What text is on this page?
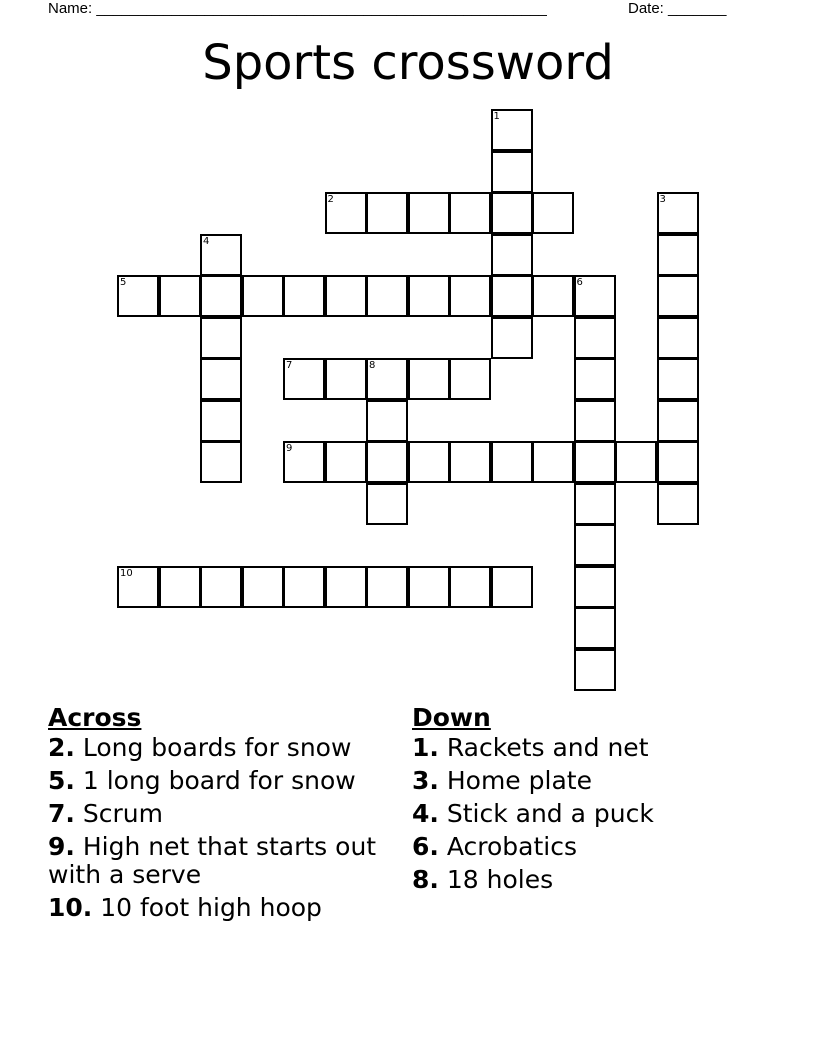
Name: ______________________________________________________	Date: _______
Sports crossword
1
2	3
4
5	6
7	8
9
10
Across
2. Long boards for snow
5. 1 long board for snow
7. Scrum
9. High net that starts out with a serve
10. 10 foot high hoop
Down
1. Rackets and net
3. Home plate
4. Stick and a puck
6. Acrobatics
8. 18 holes
